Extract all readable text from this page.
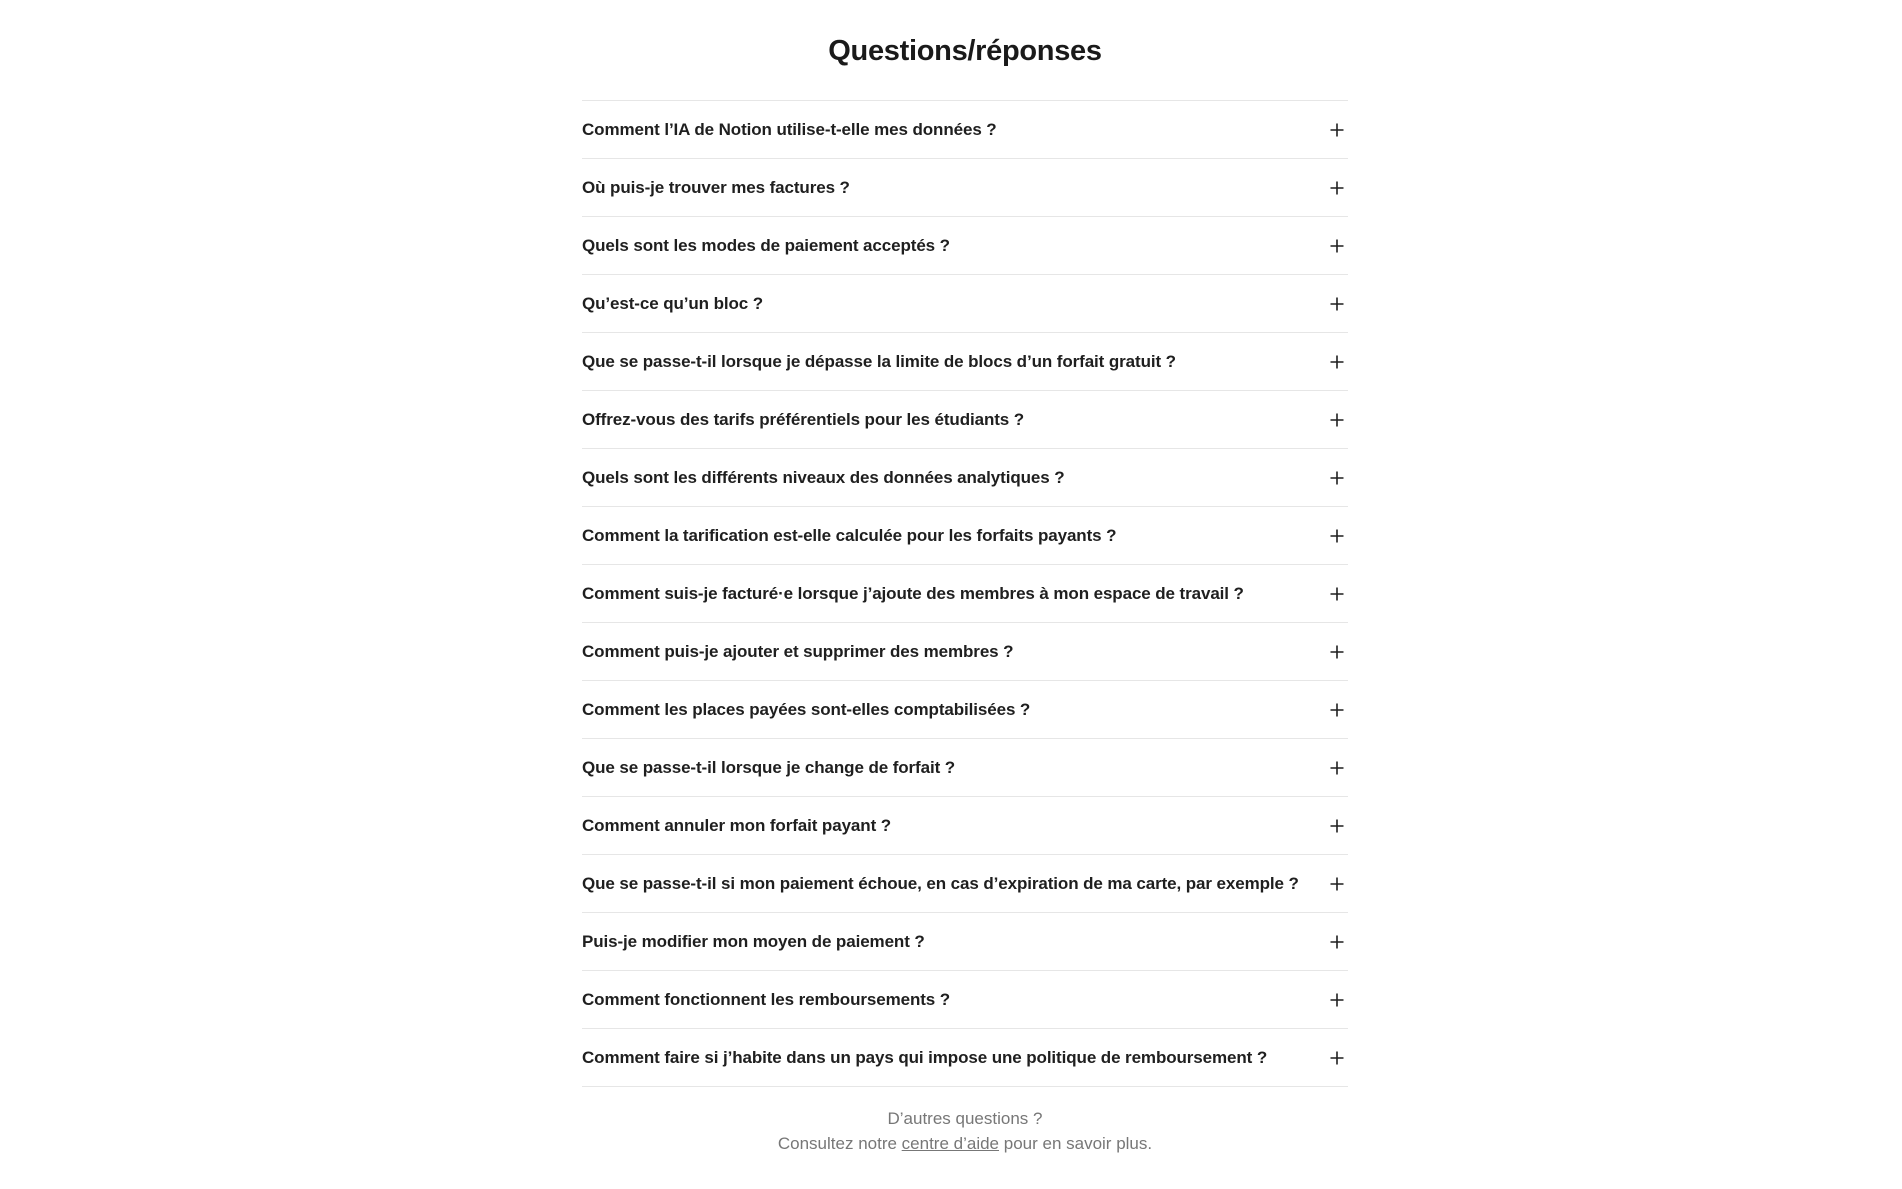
Questions/réponses
Comment l’IA de Notion utilise-t-elle mes données ?
Où puis-je trouver mes factures ?
Quels sont les modes de paiement acceptés ?
Qu’est-ce qu’un bloc ?
Que se passe-t-il lorsque je dépasse la limite de blocs d’un forfait gratuit ?
Offrez-vous des tarifs préférentiels pour les étudiants ?
Quels sont les différents niveaux des données analytiques ?
Comment la tarification est-elle calculée pour les forfaits payants ?
Comment suis-je facturé·e lorsque j’ajoute des membres à mon espace de travail ?
Comment puis-je ajouter et supprimer des membres ?
Comment les places payées sont-elles comptabilisées ?
Que se passe-t-il lorsque je change de forfait ?
Comment annuler mon forfait payant ?
Que se passe-t-il si mon paiement échoue, en cas d’expiration de ma carte, par exemple ?
Puis-je modifier mon moyen de paiement ?
Comment fonctionnent les remboursements ?
Comment faire si j’habite dans un pays qui impose une politique de remboursement ?
D’autres questions ?
Consultez notre centre d’aide pour en savoir plus.
